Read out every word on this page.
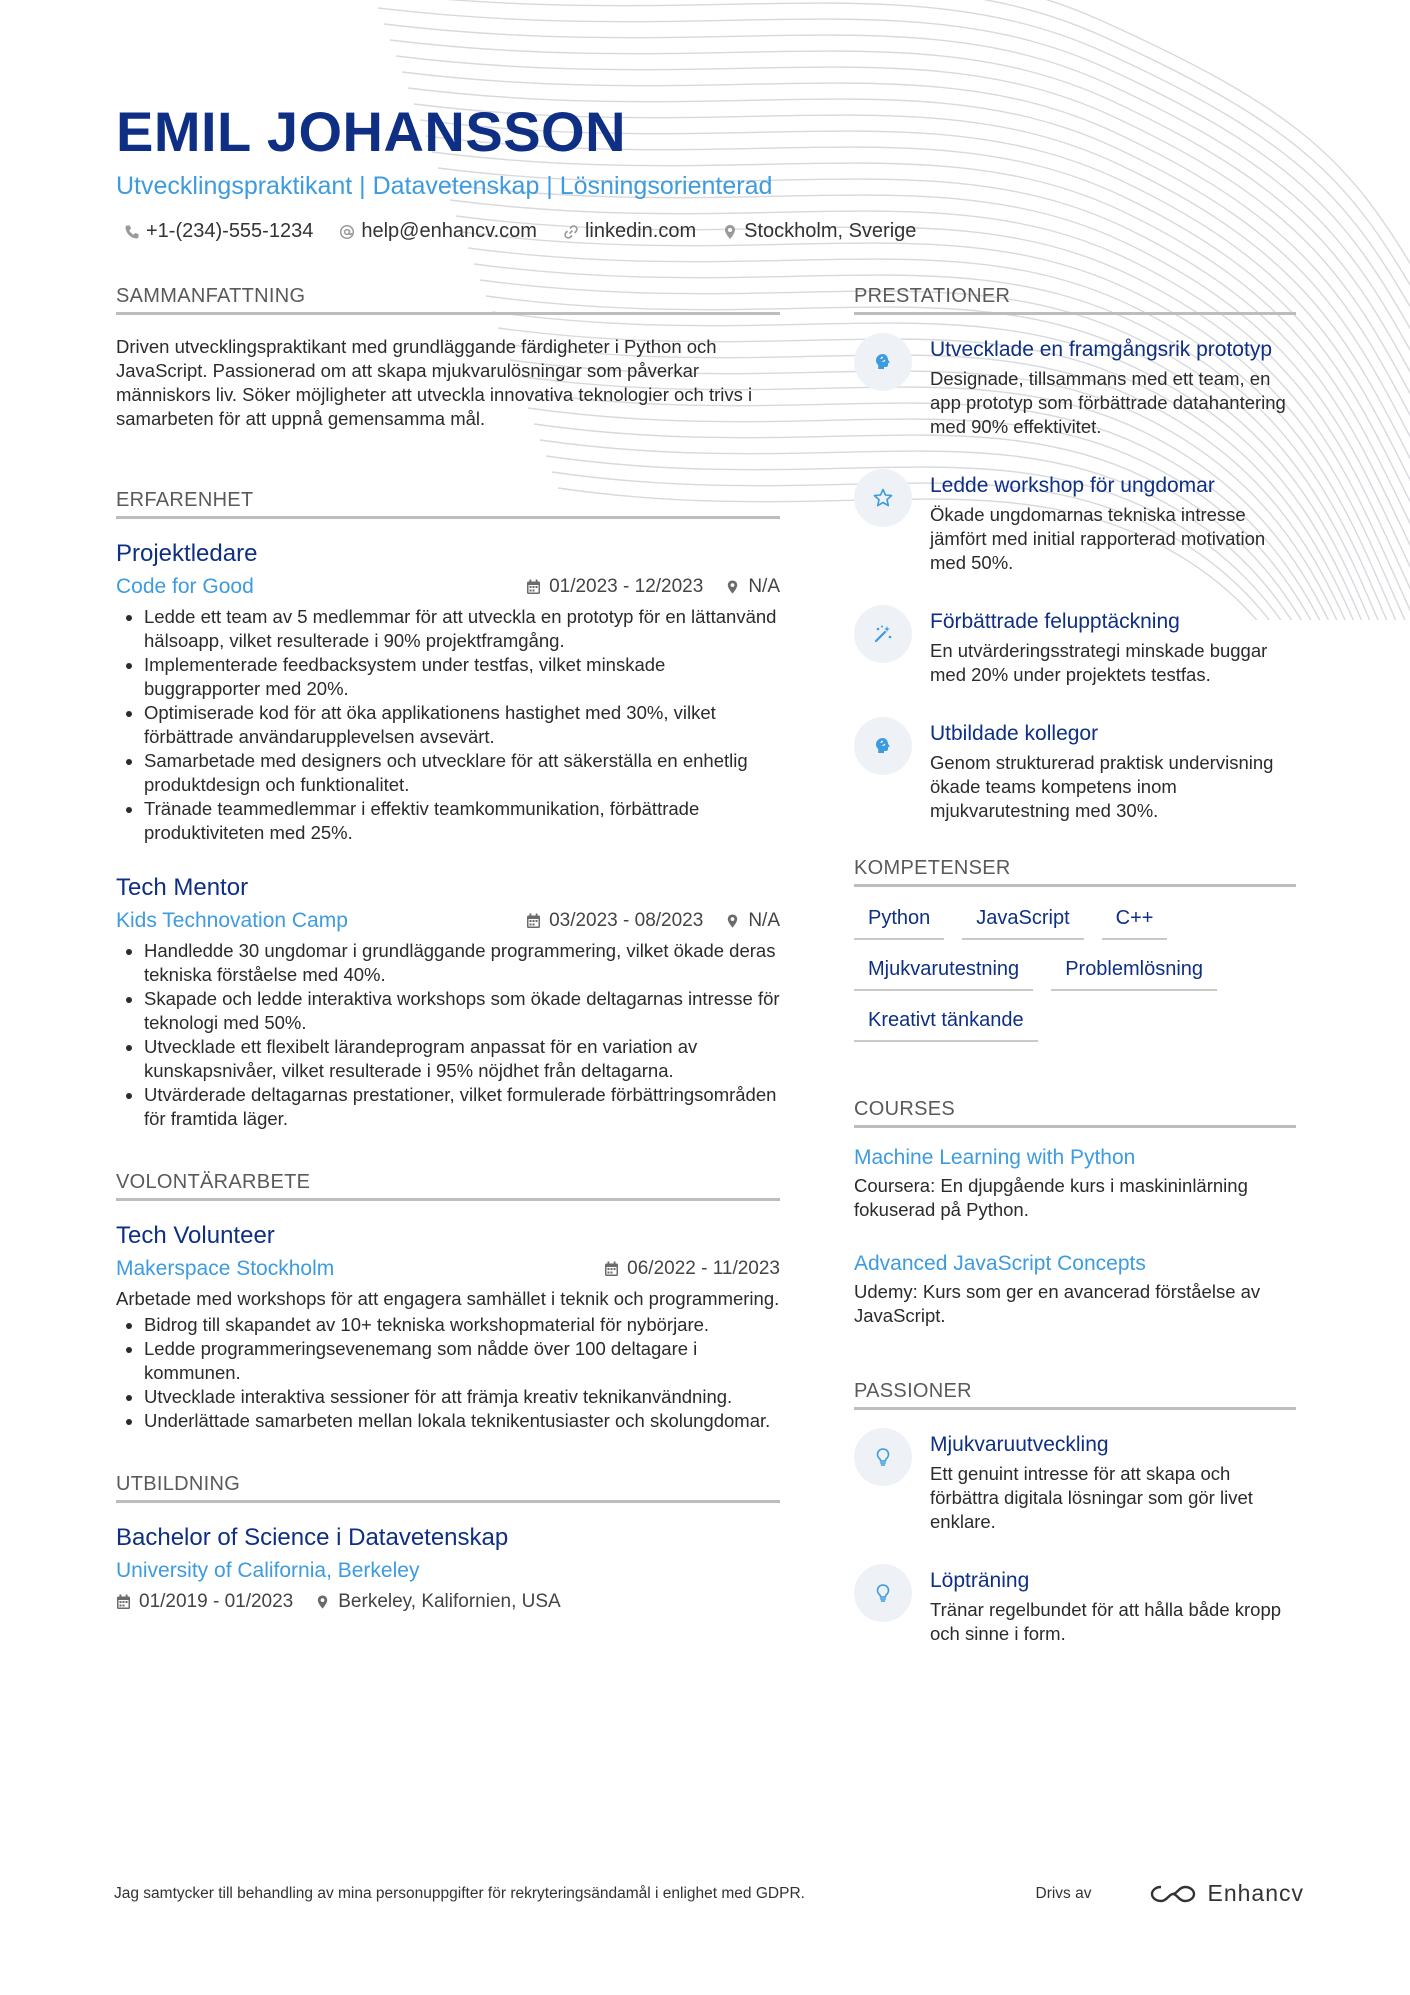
EMIL JOHANSSON
Utvecklingspraktikant | Datavetenskap | Lösningsorienterad
+1-(234)-555-1234 help@enhancv.com linkedin.com Stockholm, Sverige
SAMMANFATTNING
Driven utvecklingspraktikant med grundläggande färdigheter i Python och JavaScript. Passionerad om att skapa mjukvarulösningar som påverkar människors liv. Söker möjligheter att utveckla innovativa teknologier och trivs i samarbeten för att uppnå gemensamma mål.
ERFARENHET
Projektledare
Code for Good	01/2023 - 12/2023 N/A
• Ledde ett team av 5 medlemmar för att utveckla en prototyp för en lättanvänd hälsoapp, vilket resulterade i 90% projektframgång.
• Implementerade feedbacksystem under testfas, vilket minskade buggrapporter med 20%.
• Optimiserade kod för att öka applikationens hastighet med 30%, vilket förbättrade användarupplevelsen avsevärt.
• Samarbetade med designers och utvecklare för att säkerställa en enhetlig produktdesign och funktionalitet.
• Tränade teammedlemmar i effektiv teamkommunikation, förbättrade produktiviteten med 25%.
Tech Mentor
Kids Technovation Camp	03/2023 - 08/2023 N/A
• Handledde 30 ungdomar i grundläggande programmering, vilket ökade deras tekniska förståelse med 40%.
• Skapade och ledde interaktiva workshops som ökade deltagarnas intresse för teknologi med 50%.
• Utvecklade ett flexibelt lärandeprogram anpassat för en variation av kunskapsnivåer, vilket resulterade i 95% nöjdhet från deltagarna.
• Utvärderade deltagarnas prestationer, vilket formulerade förbättringsområden för framtida läger.
VOLONTÄRARBETE
Tech Volunteer
Makerspace Stockholm	06/2022 - 11/2023
Arbetade med workshops för att engagera samhället i teknik och programmering.
• Bidrog till skapandet av 10+ tekniska workshopmaterial för nybörjare.
• Ledde programmeringsevenemang som nådde över 100 deltagare i kommunen.
• Utvecklade interaktiva sessioner för att främja kreativ teknikanvändning.
• Underlättade samarbeten mellan lokala teknikentusiaster och skolungdomar.
UTBILDNING
Bachelor of Science i Datavetenskap
University of California, Berkeley
01/2019 - 01/2023 Berkeley, Kalifornien, USA
PRESTATIONER
Utvecklade en framgångsrik prototyp
Designade, tillsammans med ett team, en app prototyp som förbättrade datahantering med 90% effektivitet.
Ledde workshop för ungdomar
Ökade ungdomarnas tekniska intresse jämfört med initial rapporterad motivation med 50%.
Förbättrade felupptäckning
En utvärderingsstrategi minskade buggar med 20% under projektets testfas.
Utbildade kollegor
Genom strukturerad praktisk undervisning ökade teams kompetens inom mjukvarutestning med 30%.
KOMPETENSER
Python	JavaScript	C++
Mjukvarutestning	Problemlösning
Kreativt tänkande
COURSES
Machine Learning with Python
Coursera: En djupgående kurs i maskininlärning fokuserad på Python.
Advanced JavaScript Concepts
Udemy: Kurs som ger en avancerad förståelse av JavaScript.
PASSIONER
Mjukvaruutveckling
Ett genuint intresse för att skapa och förbättra digitala lösningar som gör livet enklare.
Löpträning
Tränar regelbundet för att hålla både kropp och sinne i form.
Jag samtycker till behandling av mina personuppgifter för rekryteringsändamål i enlighet med GDPR.	Drivs av	Enhancv
